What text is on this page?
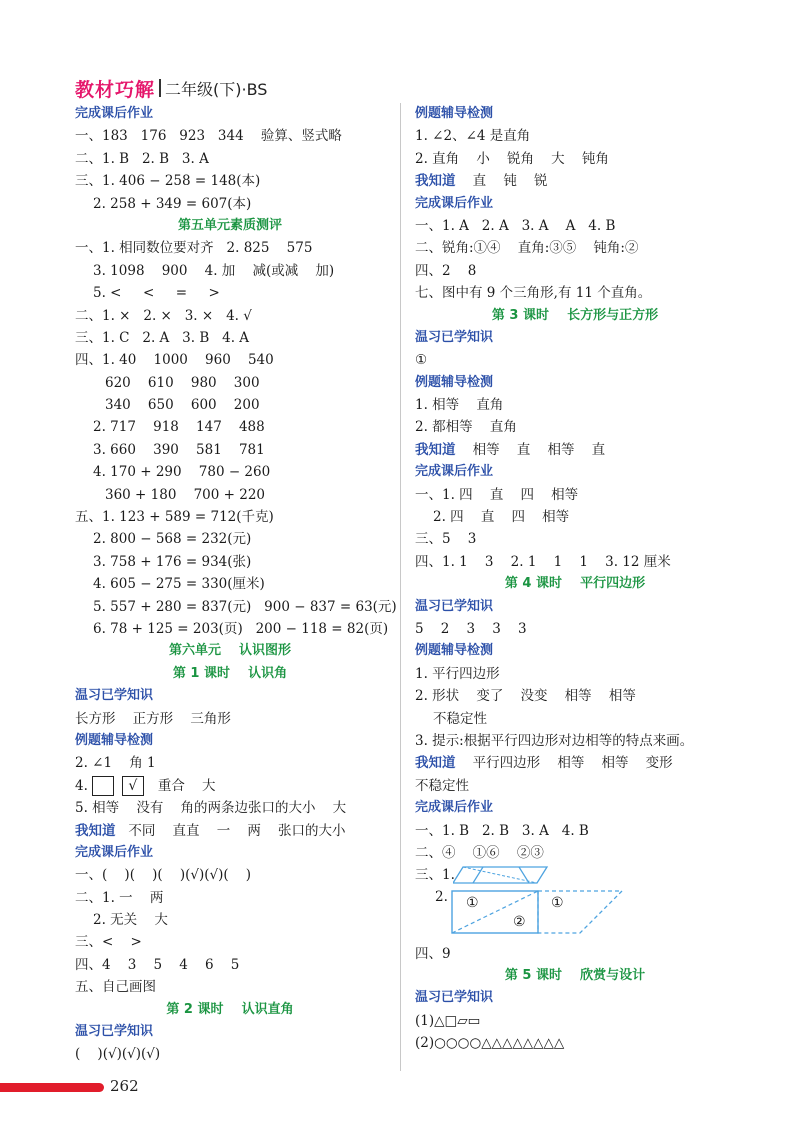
教材巧解 二年级(下)·BS
完成课后作业
一、183   176   923   344    验算、竖式略
二、1. B   2. B   3. A
三、1. 406 − 258 = 148(本)
2. 258 + 349 = 607(本)
第五单元素质测评
一、1. 相同数位要对齐   2. 825    575
3. 1098    900    4. 加    减(或减    加)
5. <     <     =     >
二、1. ×   2. ×   3. ×   4. √
三、1. C   2. A   3. B   4. A
四、1. 40    1000    960    540
620    610    980    300
340    650    600    200
2. 717    918    147    488
3. 660    390    581    781
4. 170 + 290    780 − 260
360 + 180    700 + 220
五、1. 123 + 589 = 712(千克)
2. 800 − 568 = 232(元)
3. 758 + 176 = 934(张)
4. 605 − 275 = 330(厘米)
5. 557 + 280 = 837(元)   900 − 837 = 63(元)
6. 78 + 125 = 203(页)   200 − 118 = 82(页)
第六单元    认识图形
第 1 课时    认识角
温习已学知识
长方形    正方形    三角形
例题辅导检测
2. ∠1    角 1
4.	√ 重合    大
5. 相等    没有    角的两条边张口的大小    大
我知道   不同    直直    一    两    张口的大小
完成课后作业
一、(    )(    )(    )(√)(√)(    )
二、1. 一    两
2. 无关    大
三、<    >
四、4    3    5    4    6    5
五、自己画图
第 2 课时    认识直角
温习已学知识
(    )(√)(√)(√)
例题辅导检测
1. ∠2、∠4 是直角
2. 直角    小    锐角    大    钝角
我知道    直    钝    锐
完成课后作业
一、1. A   2. A   3. A    A   4. B
二、锐角:①④    直角:③⑤    钝角:②
四、2    8
七、图中有 9 个三角形,有 11 个直角。
第 3 课时    长方形与正方形
温习已学知识
①
例题辅导检测
1. 相等    直角
2. 都相等    直角
我知道    相等    直    相等    直
完成课后作业
一、1. 四    直    四    相等
2. 四    直    四    相等
三、5    3
四、1. 1    3    2. 1    1    1    3. 12 厘米
第 4 课时    平行四边形
温习已学知识
5    2    3    3    3
例题辅导检测
1. 平行四边形
2. 形状    变了    没变    相等    相等
不稳定性
3. 提示:根据平行四边形对边相等的特点来画。
我知道    平行四边形    相等    相等    变形
不稳定性
完成课后作业
一、1. B   2. B   3. A   4. B
二、④    ①⑥    ②③
三、1.
2. ①
②
①
四、9
第 5 课时    欣赏与设计
温习已学知识
(1)△□▱▭
(2)○○○○△△△△△△△△
262
